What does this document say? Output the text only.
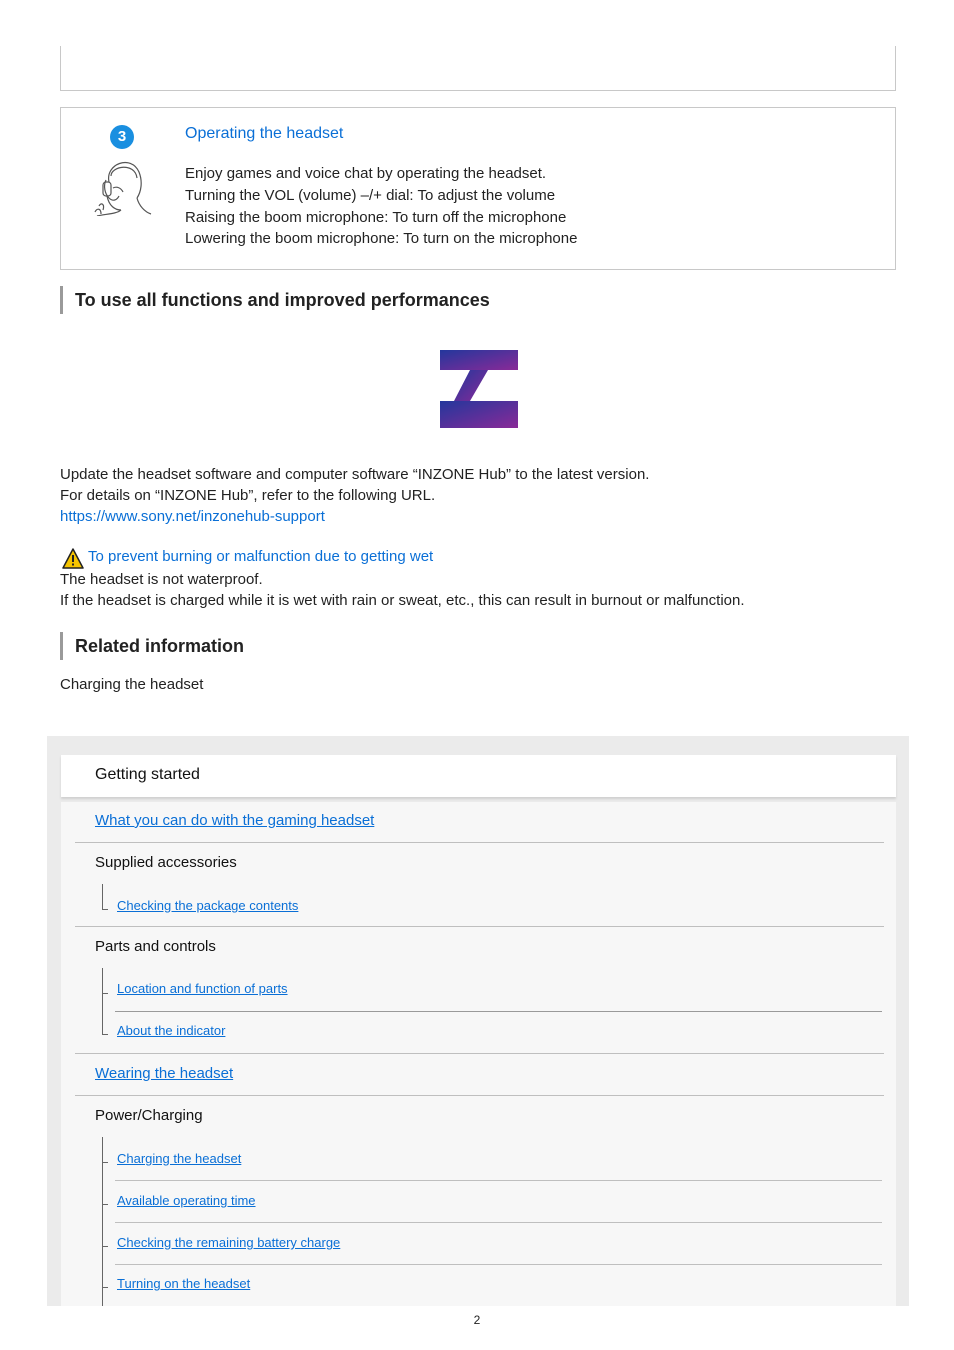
3	Operating the headset
Enjoy games and voice chat by operating the headset.
Turning the VOL (volume) –/+ dial: To adjust the volume
Raising the boom microphone: To turn off the microphone
Lowering the boom microphone: To turn on the microphone
To use all functions and improved performances
Update the headset software and computer software “INZONE Hub” to the latest version.
For details on “INZONE Hub”, refer to the following URL.
https://www.sony.net/inzonehub-support
To prevent burning or malfunction due to getting wet
The headset is not waterproof.
If the headset is charged while it is wet with rain or sweat, etc., this can result in burnout or malfunction.
Related information
Charging the headset
Getting started
What you can do with the gaming headset
Supplied accessories
Checking the package contents
Parts and controls
Location and function of parts
About the indicator
Wearing the headset
Power/Charging
Charging the headset
Available operating time
Checking the remaining battery charge
Turning on the headset
2
